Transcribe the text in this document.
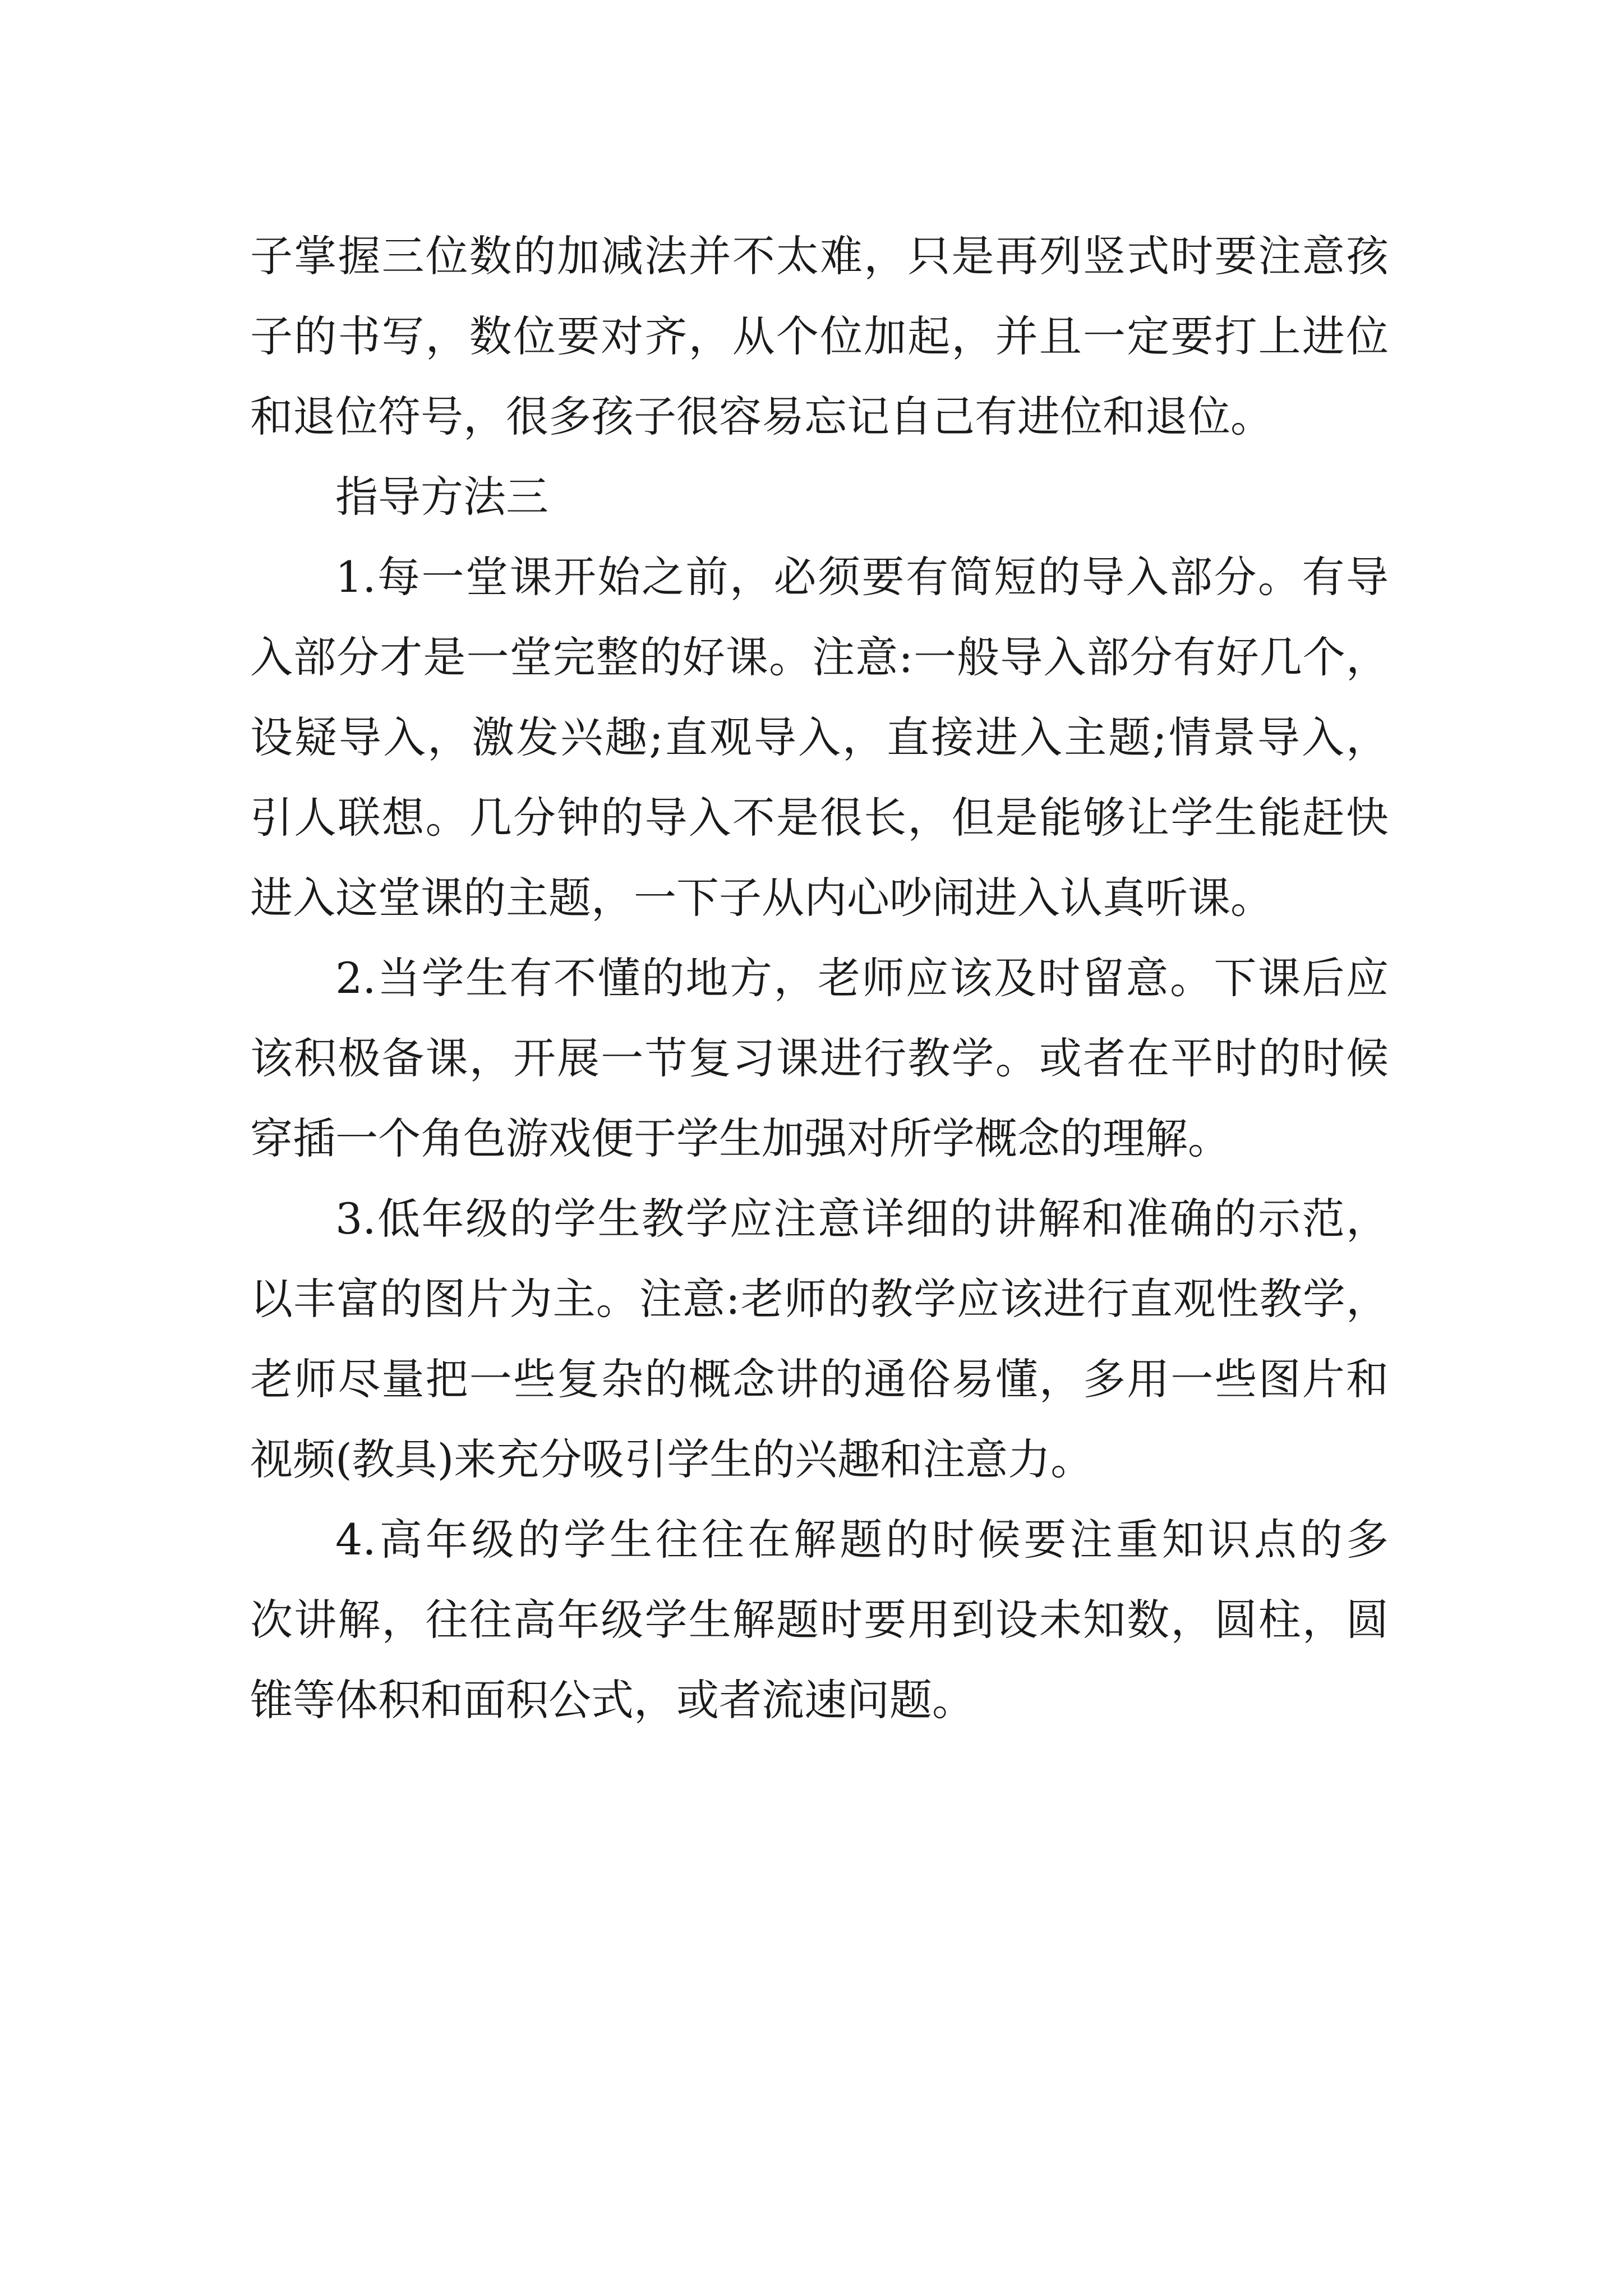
子掌握三位数的加减法并不太难，只是再列竖式时要注意孩
子的书写，数位要对齐，从个位加起，并且一定要打上进位
和退位符号，很多孩子很容易忘记自己有进位和退位。
指导方法三
1.每一堂课开始之前，必须要有简短的导入部分。有导
入部分才是一堂完整的好课。注意:一般导入部分有好几个，
设疑导入，激发兴趣;直观导入，直接进入主题;情景导入，
引人联想。几分钟的导入不是很长，但是能够让学生能赶快
进入这堂课的主题，一下子从内心吵闹进入认真听课。
2.当学生有不懂的地方，老师应该及时留意。下课后应
该积极备课，开展一节复习课进行教学。或者在平时的时候
穿插一个角色游戏便于学生加强对所学概念的理解。
3.低年级的学生教学应注意详细的讲解和准确的示范，
以丰富的图片为主。注意:老师的教学应该进行直观性教学，
老师尽量把一些复杂的概念讲的通俗易懂，多用一些图片和
视频(教具)来充分吸引学生的兴趣和注意力。
4.高年级的学生往往在解题的时候要注重知识点的多
次讲解，往往高年级学生解题时要用到设未知数，圆柱，圆
锥等体积和面积公式，或者流速问题。
